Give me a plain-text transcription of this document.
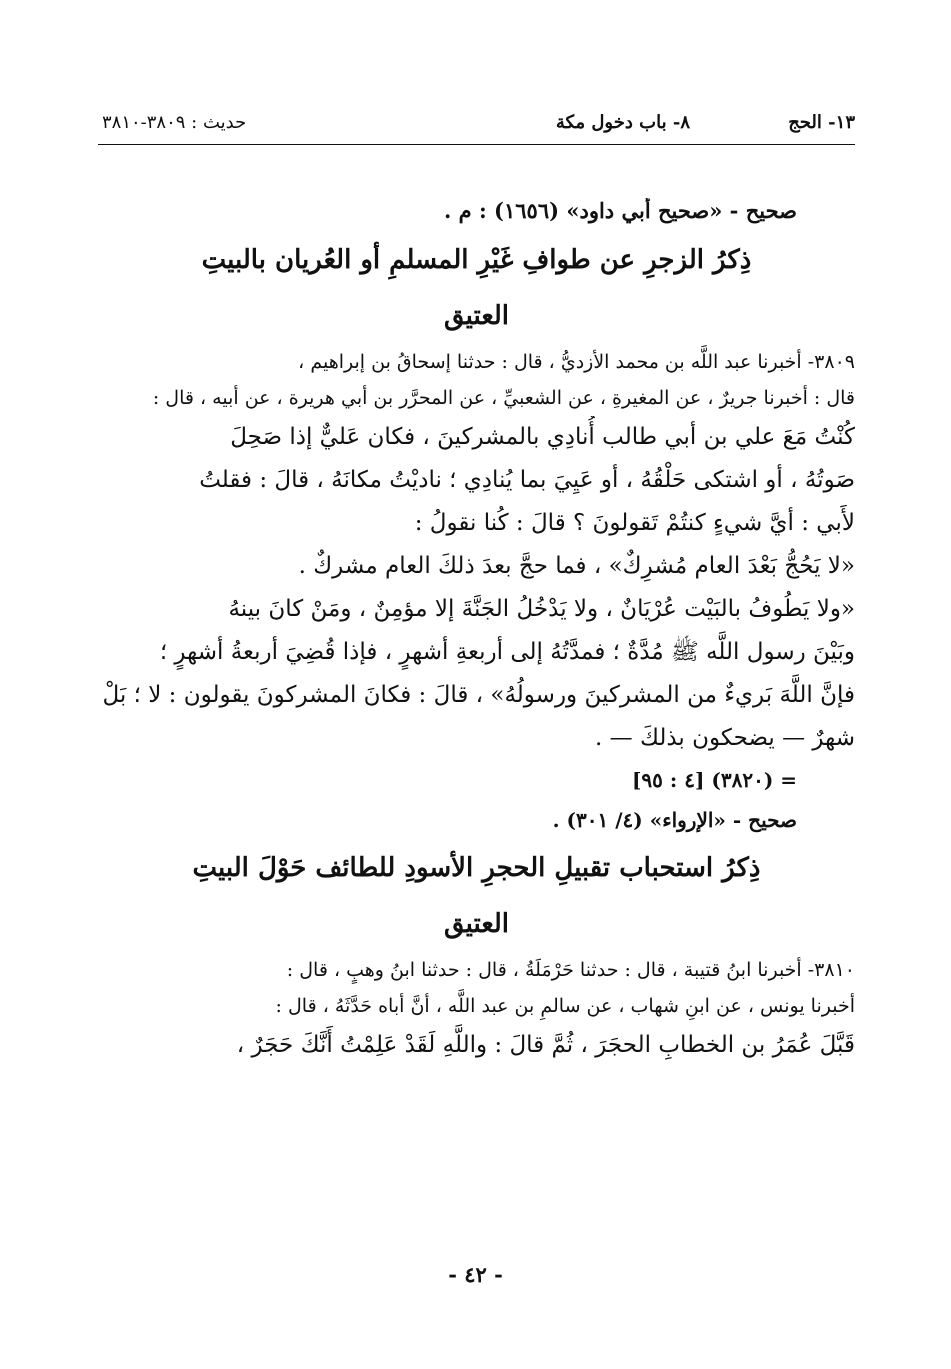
١٣- الحج
٨- باب دخول مكة
حديث : ٣٨٠٩-٣٨١٠
صحيح - «صحيح أبي داود» (١٦٥٦) : م .
ذِكرُ الزجرِ عن طوافِ غَيْرِ المسلمِ أو العُريان بالبيتِ
العتيق
٣٨٠٩- أخبرنا عبد اللَّه بن محمد الأزديُّ ، قال : حدثنا إسحاقُ بن إبراهيم ،
قال : أخبرنا جريرٌ ، عن المغيرةِ ، عن الشعبيِّ ، عن المحرَّر بن أبي هريرة ، عن أبيه ، قال :
كُنْتُ مَعَ علي بن أبي طالب أُنادِي بالمشركينَ ، فكان عَليٌّ إذا صَحِلَ
صَوتُهُ ، أو اشتكى حَلْقُهُ ، أو عَيِيَ بما يُنادِي ؛ ناديْتُ مكانَهُ ، قالَ : فقلتُ
لأَبي : أيَّ شيءٍ كنتُمْ تَقولونَ ؟ قالَ : كُنا نقولُ :
«لا يَحُجُّ بَعْدَ العام مُشرِكٌ» ، فما حجَّ بعدَ ذلكَ العام مشركٌ .
«ولا يَطُوفُ بالبَيْت عُرْيَانٌ ، ولا يَدْخُلُ الجَنَّةَ إلا مؤمِنٌ ، ومَنْ كانَ بينهُ
وبَيْنَ رسول اللَّه ﷺ مُدَّةٌ ؛ فمدَّتُهُ إلى أربعةِ أشهرٍ ، فإذا قُضِيَ أربعةُ أشهرٍ ؛
فإنَّ اللَّهَ بَريءٌ من المشركينَ ورسولُهُ» ، قالَ : فكانَ المشركونَ يقولون : لا ؛ بَلْ
شهرٌ — يضحكون بذلكَ — .
= (٣٨٢٠) [٤ : ٩٥]
صحيح - «الإرواء» (٤/ ٣٠١) .
ذِكرُ استحباب تقبيلِ الحجرِ الأسودِ للطائف حَوْلَ البيتِ
العتيق
٣٨١٠- أخبرنا ابنُ قتيبة ، قال : حدثنا حَرْمَلَةُ ، قال : حدثنا ابنُ وهبٍ ، قال :
أخبرنا يونس ، عن ابنِ شهاب ، عن سالمِ بن عبد اللَّه ، أنَّ أباه حَدَّثَهُ ، قال :
قَبَّلَ عُمَرُ بن الخطابِ الحجَرَ ، ثُمَّ قالَ : واللَّهِ لَقَدْ عَلِمْتُ أَنَّكَ حَجَرٌ ،
- ٤٢ -
